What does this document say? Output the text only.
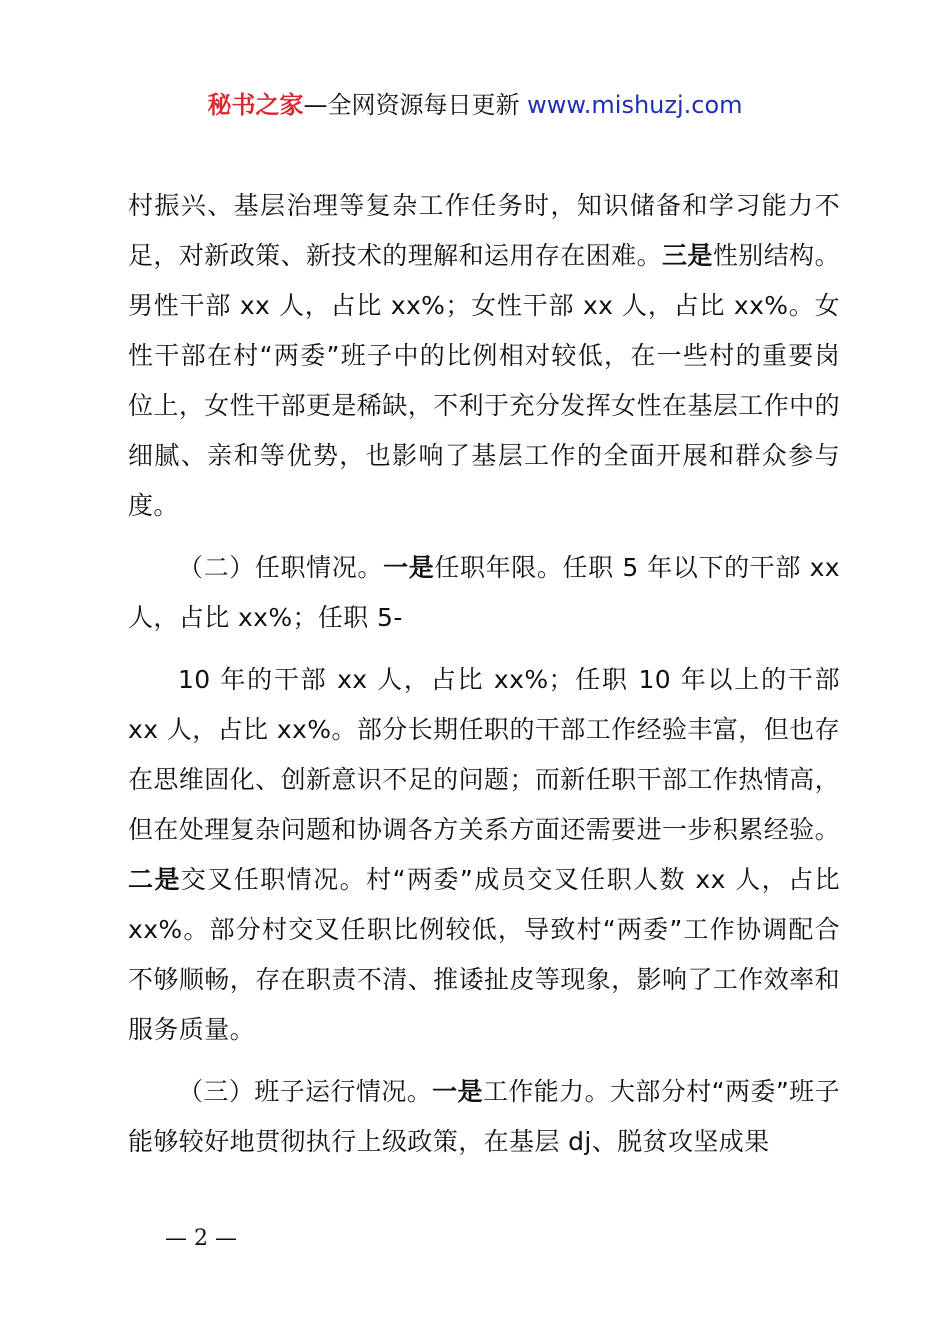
秘书之家—全网资源每日更新 www.mishuzj.com

村振兴、基层治理等复杂工作任务时，知识储备和学习能力不足，对新政策、新技术的理解和运用存在困难。三是性别结构。男性干部 xx 人，占比 xx%；女性干部 xx 人，占比 xx%。女性干部在村“两委”班子中的比例相对较低，在一些村的重要岗位上，女性干部更是稀缺，不利于充分发挥女性在基层工作中的细腻、亲和等优势，也影响了基层工作的全面开展和群众参与度。

（二）任职情况。一是任职年限。任职 5 年以下的干部 xx 人，占比 xx%；任职 5-

10 年的干部 xx 人，占比 xx%；任职 10 年以上的干部 xx 人，占比 xx%。部分长期任职的干部工作经验丰富，但也存在思维固化、创新意识不足的问题；而新任职干部工作热情高，但在处理复杂问题和协调各方关系方面还需要进一步积累经验。二是交叉任职情况。村“两委”成员交叉任职人数 xx 人，占比 xx%。部分村交叉任职比例较低，导致村“两委”工作协调配合不够顺畅，存在职责不清、推诿扯皮等现象，影响了工作效率和服务质量。

（三）班子运行情况。一是工作能力。大部分村“两委”班子能够较好地贯彻执行上级政策，在基层 dj、脱贫攻坚成果

— 2 —
